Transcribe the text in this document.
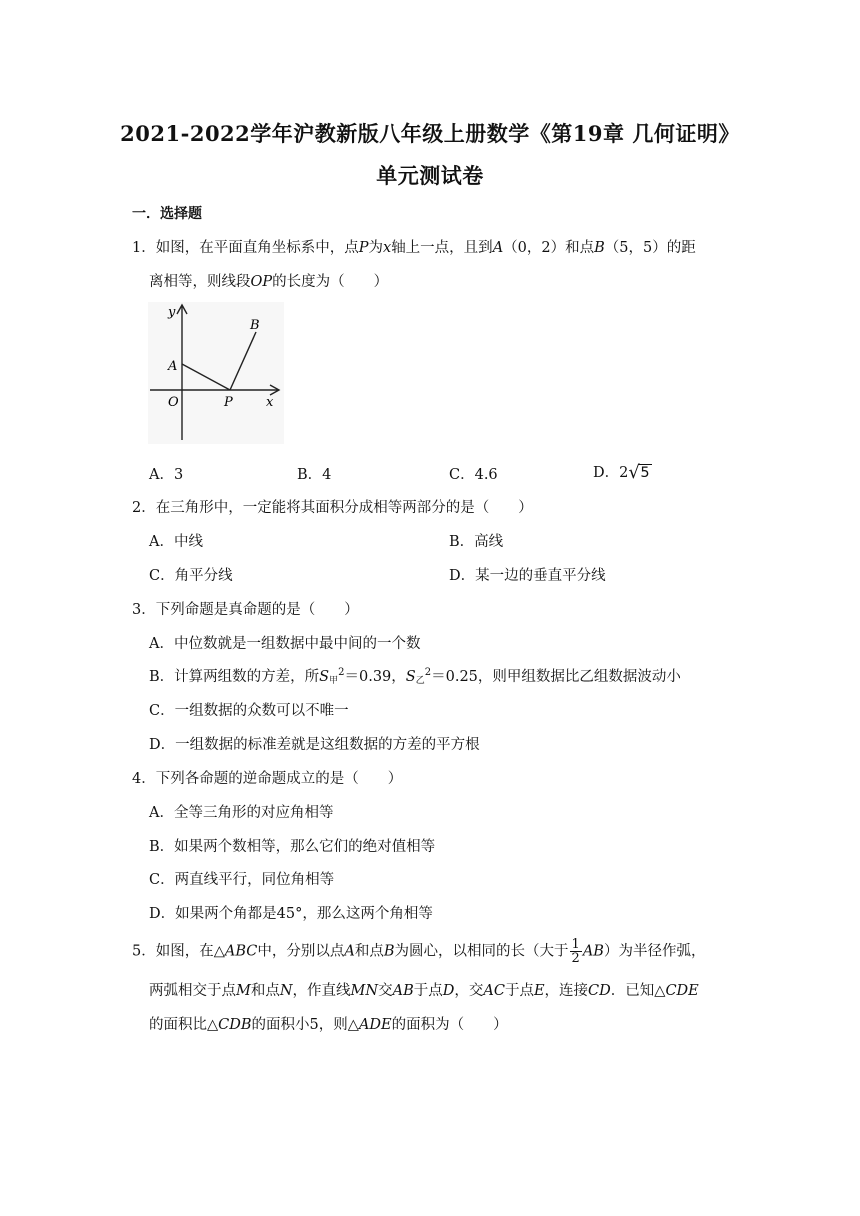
2021-2022学年沪教新版八年级上册数学《第19章 几何证明》
单元测试卷
一．选择题
1．如图，在平面直角坐标系中，点P为x轴上一点，且到A（0，2）和点B（5，5）的距
离相等，则线段OP的长度为（　　）
y
B
A
O	P	x
A．3	B．4	C．4.6	D．2 √ 5
2．在三角形中，一定能将其面积分成相等两部分的是（　　）
A．中线	B．高线
C．角平分线	D．某一边的垂直平分线
3．下列命题是真命题的是（　　）
A．中位数就是一组数据中最中间的一个数
B．计算两组数的方差，所$S_甲^2=0.39$，$S_乙^2=0.25$，则甲组数据比乙组数据波动小
C．一组数据的众数可以不唯一
D．一组数据的标准差就是这组数据的方差的平方根
4．下列各命题的逆命题成立的是（　　）
A．全等三角形的对应角相等
B．如果两个数相等，那么它们的绝对值相等
C．两直线平行，同位角相等
D．如果两个角都是45°，那么这两个角相等
5．如图，在△ABC中，分别以点A和点B为圆心，以相同的长（大于 $\frac{1}{2} AB$）为半径作弧，
两弧相交于点M和点N，作直线MN交AB于点D，交AC于点E，连接CD．已知△CDE
的面积比△CDB的面积小5，则△ADE的面积为（　　）
